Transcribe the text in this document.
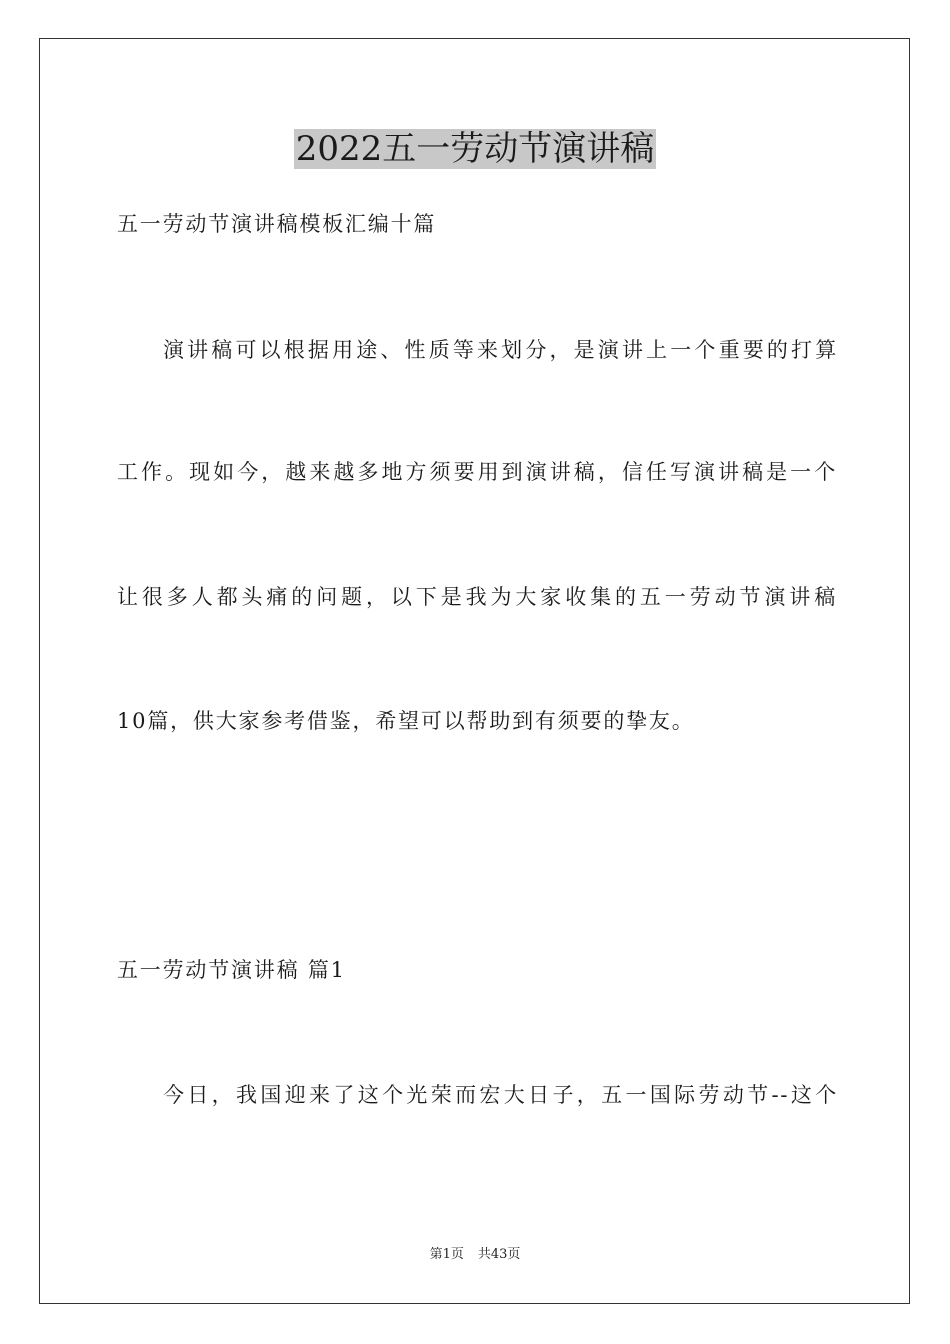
2022五一劳动节演讲稿
五一劳动节演讲稿模板汇编十篇
演讲稿可以根据用途、性质等来划分，是演讲上一个重要的打算
工作。现如今，越来越多地方须要用到演讲稿，信任写演讲稿是一个
让很多人都头痛的问题，以下是我为大家收集的五一劳动节演讲稿
10篇，供大家参考借鉴，希望可以帮助到有须要的挚友。
五一劳动节演讲稿 篇1
今日，我国迎来了这个光荣而宏大日子，五一国际劳动节--这个
第1页 共43页
